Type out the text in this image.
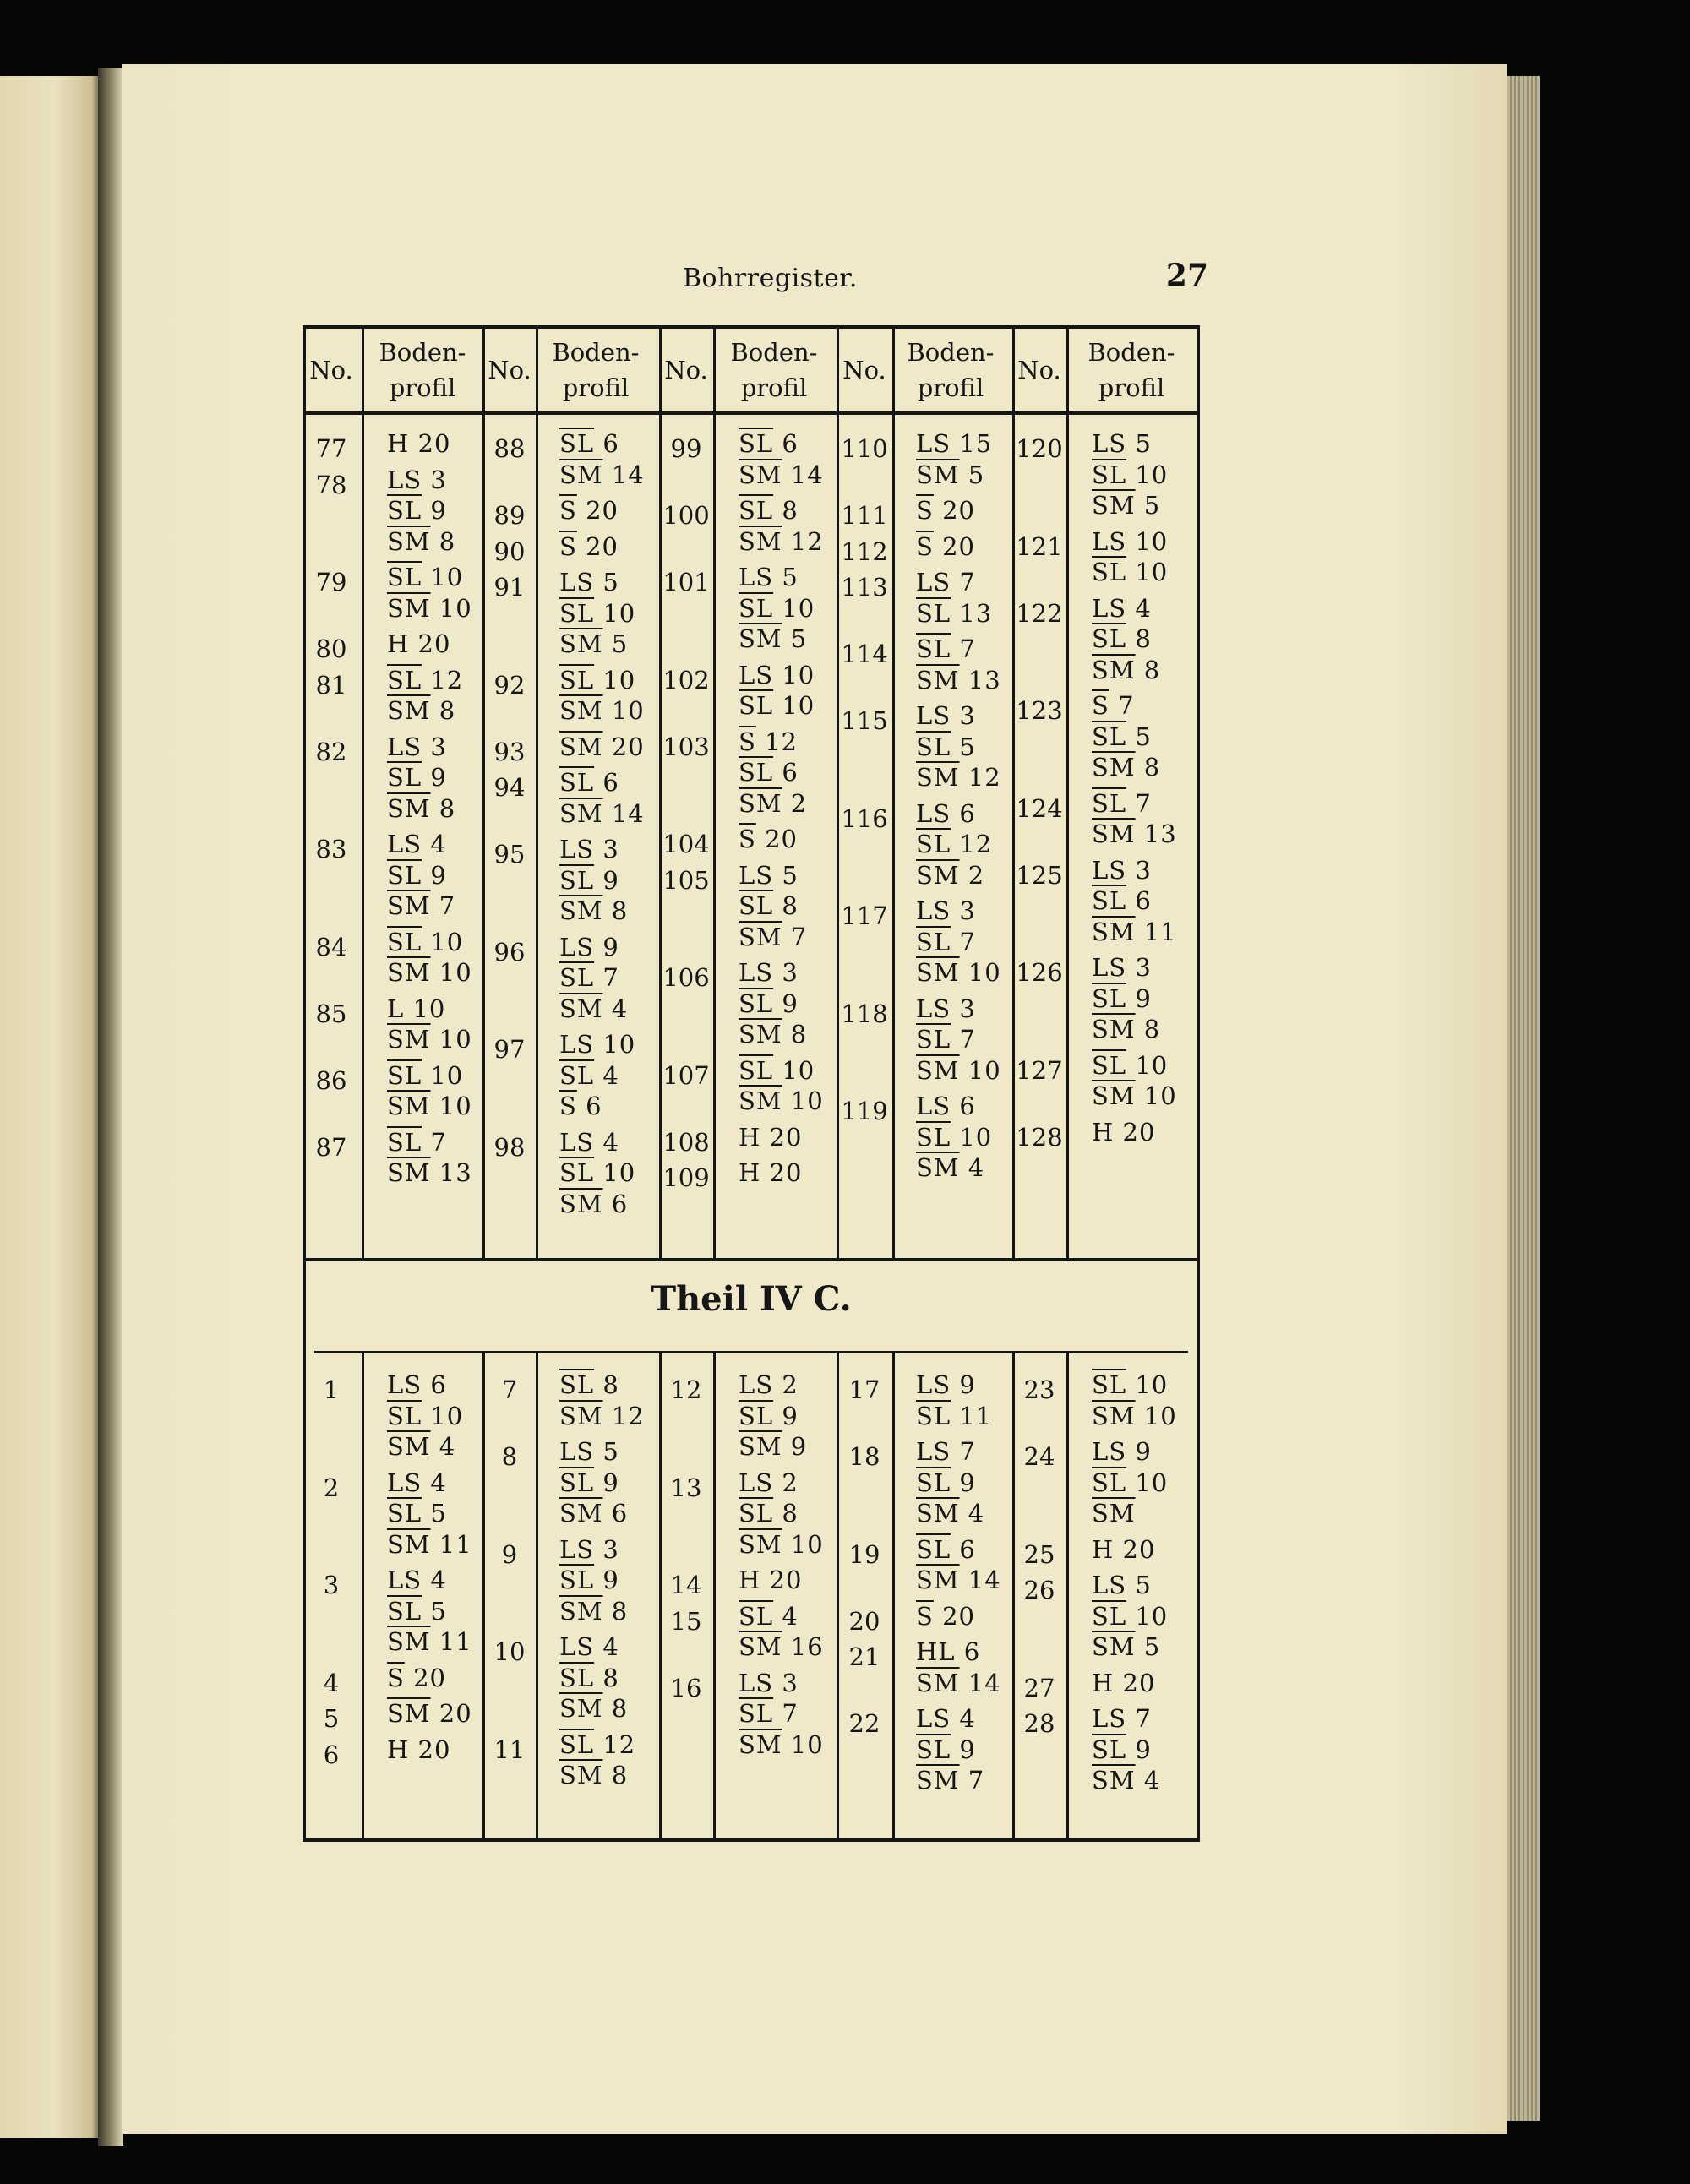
Bohrregister.	27
Theil IV C.
No.
Boden-
profil
No.
Boden-
profil
No.
Boden-
profil
No.
Boden-
profil
No.
Boden-
profil
77	H 20
78	LS 3
$\overline{SL}$ 9
$\overline{SM}$ 8
79	$\overline{SL}$ 10
$\overline{SM}$ 10
80	H 20
81	$\overline{SL}$ 12
$\overline{SM}$ 8
82	LS 3
$\overline{SL}$ 9
$\overline{SM}$ 8
83	LS 4
$\overline{SL}$ 9
$\overline{SM}$ 7
84	$\overline{SL}$ 10
$\overline{SM}$ 10
85	L 10
$\overline{SM}$ 10
86	$\overline{SL}$ 10
$\overline{SM}$ 10
87	$\overline{SL}$ 7
$\overline{SM}$ 13
88	$\overline{SL}$ 6
$\overline{SM}$ 14
89	$\overline{S}$ 20
90	$\overline{S}$ 20
91	LS 5
$\overline{SL}$ 10
$\overline{SM}$ 5
92	$\overline{SL}$ 10
$\overline{SM}$ 10
93	$\overline{SM}$ 20
94	$\overline{SL}$ 6
$\overline{SM}$ 14
95	LS 3
$\overline{SL}$ 9
$\overline{SM}$ 8
96	LS 9
$\overline{SL}$ 7
$\overline{SM}$ 4
97	LS 10
$\overline{SL}$ 4
$\overline{S}$ 6
98	LS 4
$\overline{SL}$ 10
$\overline{SM}$ 6
99	$\overline{SL}$ 6
$\overline{SM}$ 14
100 $\overline{SL}$ 8
$\overline{SM}$ 12
101 LS 5
$\overline{SL}$ 10
$\overline{SM}$ 5
102 LS 10
$\overline{SL}$ 10
103 $\overline{S}$ 12
$\overline{SL}$ 6
$\overline{SM}$ 2
104 $\overline{S}$ 20
105 LS 5
$\overline{SL}$ 8
$\overline{SM}$ 7
106 LS 3
$\overline{SL}$ 9
$\overline{SM}$ 8
107 $\overline{SL}$ 10
$\overline{SM}$ 10
108 H 20
109 H 20
110 LS 15
$\overline{SM}$ 5
111 $\overline{S}$ 20
112 $\overline{S}$ 20
113 LS 7
$\overline{SL}$ 13
114 $\overline{SL}$ 7
$\overline{SM}$ 13
115 LS 3
$\overline{SL}$ 5
$\overline{SM}$ 12
116 LS 6
$\overline{SL}$ 12
$\overline{SM}$ 2
117 LS 3
$\overline{SL}$ 7
$\overline{SM}$ 10
118 LS 3
$\overline{SL}$ 7
$\overline{SM}$ 10
119 LS 6
$\overline{SL}$ 10
$\overline{SM}$ 4
120 LS 5
$\overline{SL}$ 10
$\overline{SM}$ 5
121 LS 10
$\overline{SL}$ 10
122 LS 4
$\overline{SL}$ 8
$\overline{SM}$ 8
123 $\overline{S}$ 7
$\overline{SL}$ 5
$\overline{SM}$ 8
124 $\overline{SL}$ 7
$\overline{SM}$ 13
125 LS 3
$\overline{SL}$ 6
$\overline{SM}$ 11
126 LS 3
$\overline{SL}$ 9
$\overline{SM}$ 8
127 $\overline{SL}$ 10
$\overline{SM}$ 10
128 H 20
1	LS 6
$\overline{SL}$ 10
$\overline{SM}$ 4
2	LS 4
$\overline{SL}$ 5
$\overline{SM}$ 11
3	LS 4
$\overline{SL}$ 5
$\overline{SM}$ 11
4	$\overline{S}$ 20
5	$\overline{SM}$ 20
6	H 20
7	$\overline{SL}$ 8
$\overline{SM}$ 12
8	LS 5
$\overline{SL}$ 9
$\overline{SM}$ 6
9	LS 3
$\overline{SL}$ 9
$\overline{SM}$ 8
10	LS 4
$\overline{SL}$ 8
$\overline{SM}$ 8
11	$\overline{SL}$ 12
$\overline{SM}$ 8
12	LS 2
$\overline{SL}$ 9
$\overline{SM}$ 9
13	LS 2
$\overline{SL}$ 8
$\overline{SM}$ 10
14	H 20
15	$\overline{SL}$ 4
$\overline{SM}$ 16
16	LS 3
$\overline{SL}$ 7
$\overline{SM}$ 10
17	LS 9
$\overline{SL}$ 11
18	LS 7
$\overline{SL}$ 9
$\overline{SM}$ 4
19	$\overline{SL}$ 6
$\overline{SM}$ 14
20	$\overline{S}$ 20
21	HL 6
$\overline{SM}$ 14
22	LS 4
$\overline{SL}$ 9
$\overline{SM}$ 7
23	$\overline{SL}$ 10
$\overline{SM}$ 10
24	LS 9
$\overline{SL}$ 10
$\overline{SM}$
25	H 20
26	LS 5
$\overline{SL}$ 10
$\overline{SM}$ 5
27	H 20
28	LS 7
$\overline{SL}$ 9
$\overline{SM}$ 4
